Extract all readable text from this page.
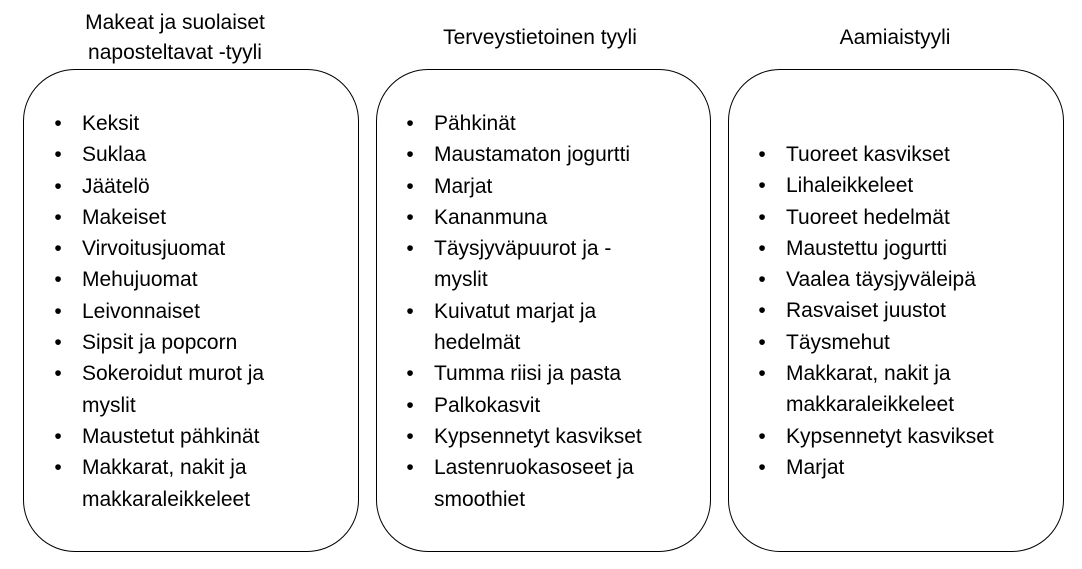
Makeat ja suolaiset
naposteltavat -tyyli
• Keksit
• Suklaa
• Jäätelö
• Makeiset
• Virvoitusjuomat
• Mehujuomat
• Leivonnaiset
• Sipsit ja popcorn
• Sokeroidut murot ja
myslit
• Maustetut pähkinät
• Makkarat, nakit ja
makkaraleikkeleet
Terveystietoinen tyyli
• Pähkinät
• Maustamaton jogurtti
• Marjat
• Kananmuna
• Täysjyväpuurot ja -
myslit
• Kuivatut marjat ja
hedelmät
• Tumma riisi ja pasta
• Palkokasvit
• Kypsennetyt kasvikset
• Lastenruokasoseet ja
smoothiet
Aamiaistyyli
• Tuoreet kasvikset
• Lihaleikkeleet
• Tuoreet hedelmät
• Maustettu jogurtti
• Vaalea täysjyväleipä
• Rasvaiset juustot
• Täysmehut
• Makkarat, nakit ja
makkaraleikkeleet
• Kypsennetyt kasvikset
• Marjat
